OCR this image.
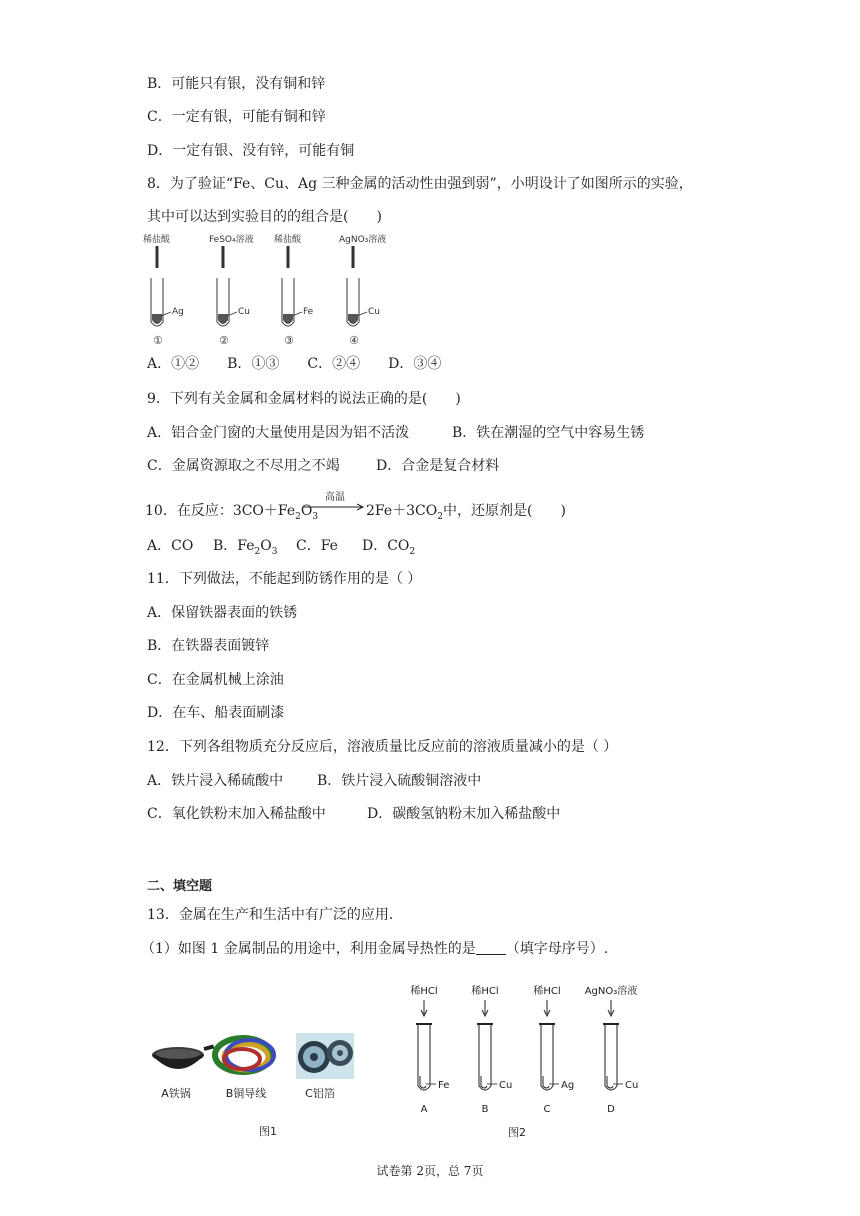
B．可能只有银，没有铜和锌
C．一定有银，可能有铜和锌
D．一定有银、没有锌，可能有铜
8．为了验证“Fe、Cu、Ag 三种金属的活动性由强到弱”，小明设计了如图所示的实验，
其中可以达到实验目的的组合是(　　)
稀盐酸
Ag
①
FeSO₄溶液
Cu
②
稀盐酸
Fe
③
AgNO₃溶液
Cu
④
A．①②　　B．①③　　C．②④　　D．③④
9．下列有关金属和金属材料的说法正确的是(　　)
A．铝合金门窗的大量使用是因为铝不活泼	B．铁在潮湿的空气中容易生锈
C．金属资源取之不尽用之不竭	D．合金是复合材料
10．在反应：$3CO+Fe_2O_3$
高温
$2Fe+3CO_2$中，还原剂是(　　)
A．CO B．$Fe_2O_3$ C．Fe D．$CO_2$
11．下列做法，不能起到防锈作用的是（ ）
A．保留铁器表面的铁锈
B．在铁器表面镀锌
C．在金属机械上涂油
D．在车、船表面刷漆
12．下列各组物质充分反应后，溶液质量比反应前的溶液质量减小的是（ ）
A．铁片浸入稀硫酸中 B．铁片浸入硫酸铜溶液中
C．氧化铁粉末加入稀盐酸中	D．碳酸氢钠粉末加入稀盐酸中
二、填空题
13．金属在生产和生活中有广泛的应用.
（1）如图 1 金属制品的用途中，利用金属导热性的是 （填字母序号）.
A铁锅	B铜导线	C铝箔
图1
稀HCl
Fe
A
稀HCl
Cu
B
稀HCl
Ag
C
AgNO₃溶液
Cu
D
图2
试卷第 2页，总 7页
